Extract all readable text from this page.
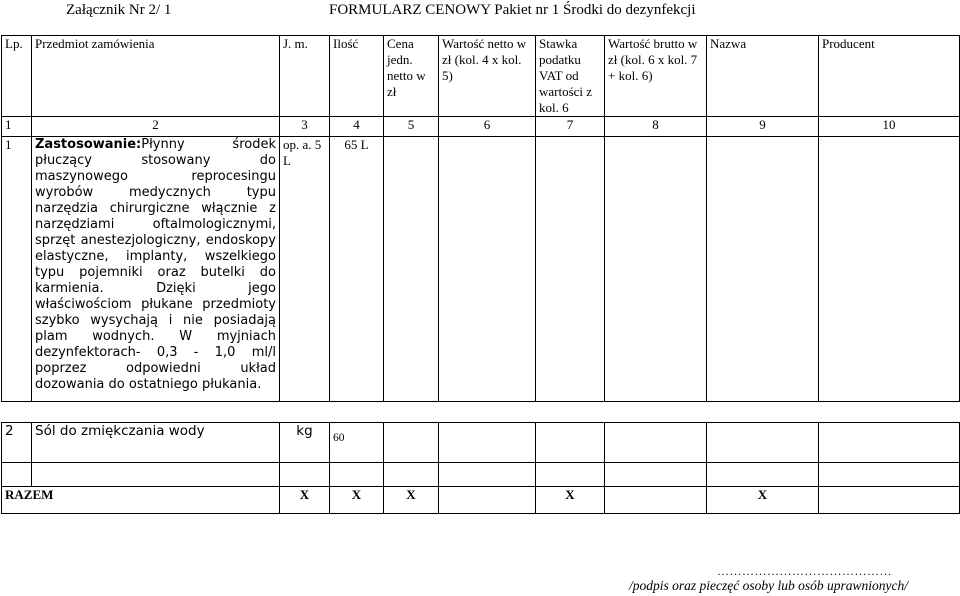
Załącznik Nr 2/ 1	FORMULARZ CENOWY Pakiet nr 1 Środki do dezynfekcji
Lp.	Przedmiot zamówienia	J. m.	Ilość	Cena jedn. netto w zł	Wartość netto w zł (kol. 4 x kol. 5)	Stawka podatku VAT od wartości z kol. 6	Wartość brutto w zł (kol. 6 x kol. 7 + kol. 6)	Nazwa	Producent
1	2	3	4	5	6	7	8	9	10
1	Zastosowanie:Płynny środek płuczący stosowany do maszynowego reprocesingu wyrobów medycznych typu narzędzia chirurgiczne włącznie z narzędziami oftalmologicznymi, sprzęt anestezjologiczny, endoskopy elastyczne, implanty, wszelkiego typu pojemniki oraz butelki do karmienia. Dzięki jego właściwościom płukane przedmioty szybko wysychają i nie posiadają plam wodnych. W myjniach dezynfektorach- 0,3 - 1,0 ml/l poprzez odpowiedni układ dozowania do ostatniego płukania.	op. a. 5 L	65 L						

2	Sól do zmiękczania wody	kg	60						

RAZEM		X	X	X		X		X	
……………………………………
/podpis oraz pieczęć osoby lub osób uprawnionych/
